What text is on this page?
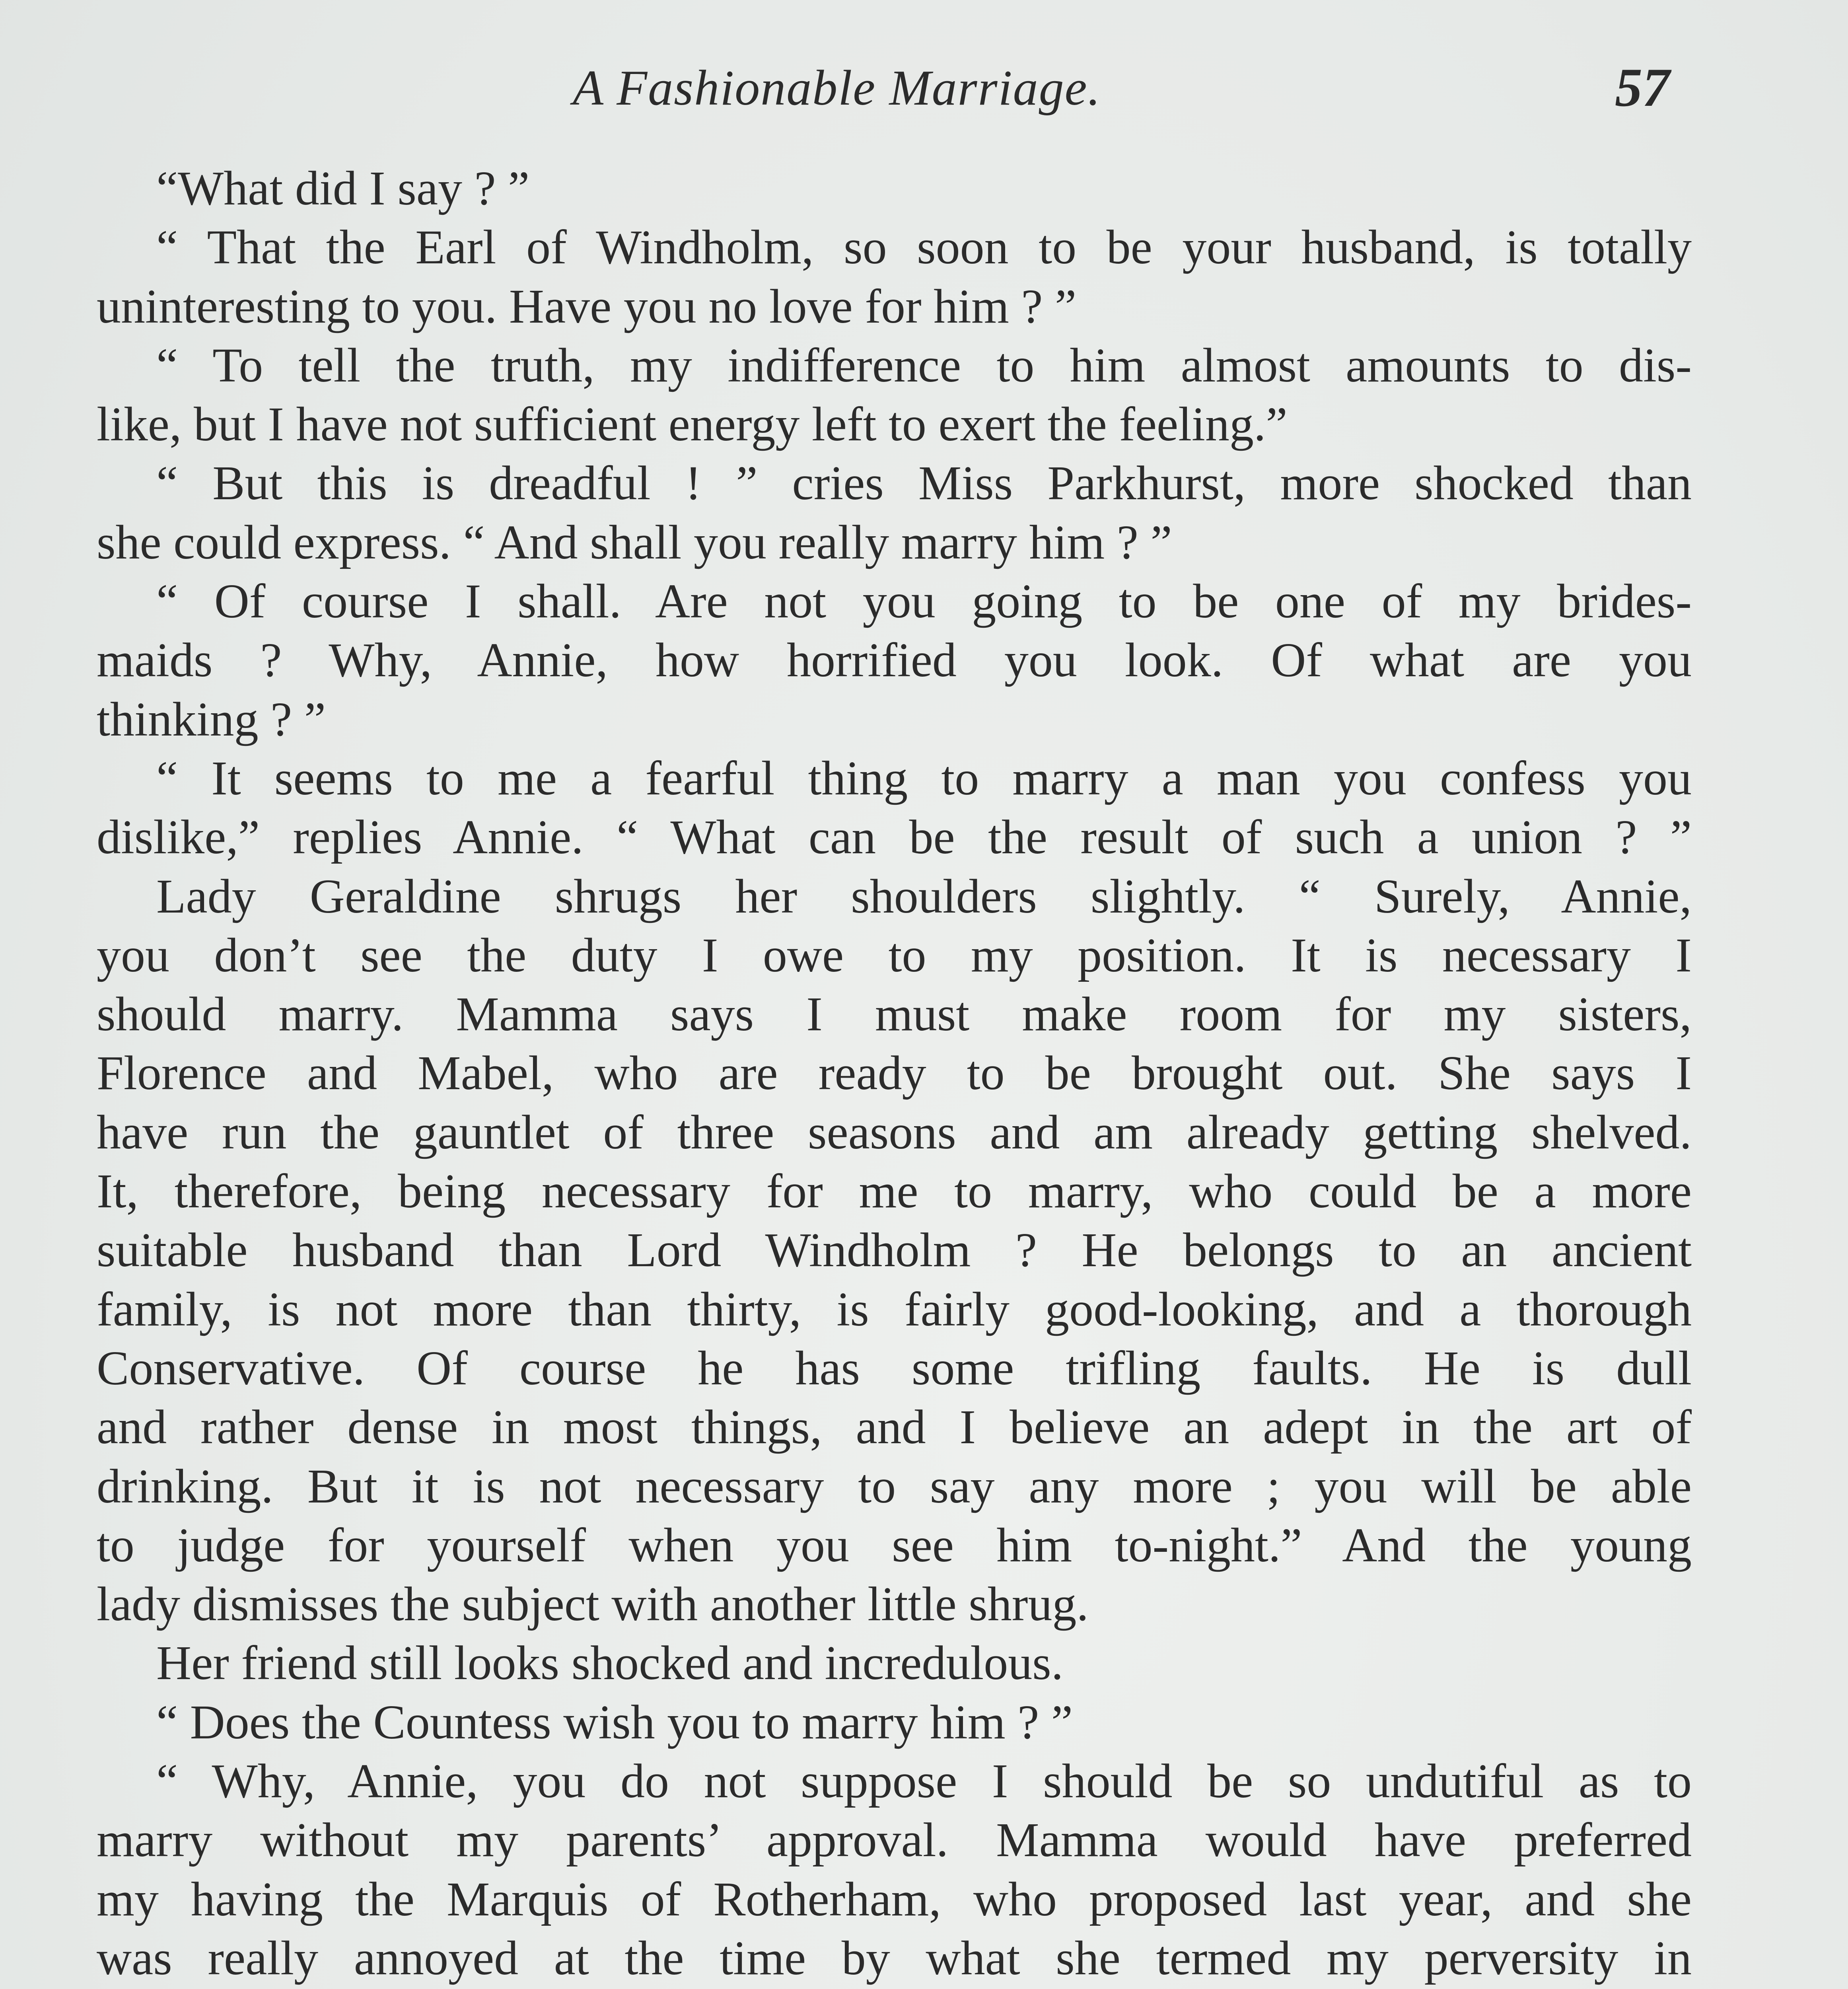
A Fashionable Marriage.	57
“What did I say ? ”
“ That the Earl of Windholm, so soon to be your husband, is totally
uninteresting to you. Have you no love for him ? ”
“ To tell the truth, my indifference to him almost amounts to dis-
like, but I have not sufficient energy left to exert the feeling.”
“ But this is dreadful ! ” cries Miss Parkhurst, more shocked than
she could express. “ And shall you really marry him ? ”
“ Of course I shall. Are not you going to be one of my brides-
maids ? Why, Annie, how horrified you look. Of what are you
thinking ? ”
“ It seems to me a fearful thing to marry a man you confess you
dislike,” replies Annie. “ What can be the result of such a union ? ”
Lady Geraldine shrugs her shoulders slightly. “ Surely, Annie,
you don’t see the duty I owe to my position. It is necessary I
should marry. Mamma says I must make room for my sisters,
Florence and Mabel, who are ready to be brought out. She says I
have run the gauntlet of three seasons and am already getting shelved.
It, therefore, being necessary for me to marry, who could be a more
suitable husband than Lord Windholm ? He belongs to an ancient
family, is not more than thirty, is fairly good-looking, and a thorough
Conservative. Of course he has some trifling faults. He is dull
and rather dense in most things, and I believe an adept in the art of
drinking. But it is not necessary to say any more ; you will be able
to judge for yourself when you see him to-night.” And the young
lady dismisses the subject with another little shrug.
Her friend still looks shocked and incredulous.
“ Does the Countess wish you to marry him ? ”
“ Why, Annie, you do not suppose I should be so undutiful as to
marry without my parents’ approval. Mamma would have preferred
my having the Marquis of Rotherham, who proposed last year, and she
was really annoyed at the time by what she termed my perversity in
